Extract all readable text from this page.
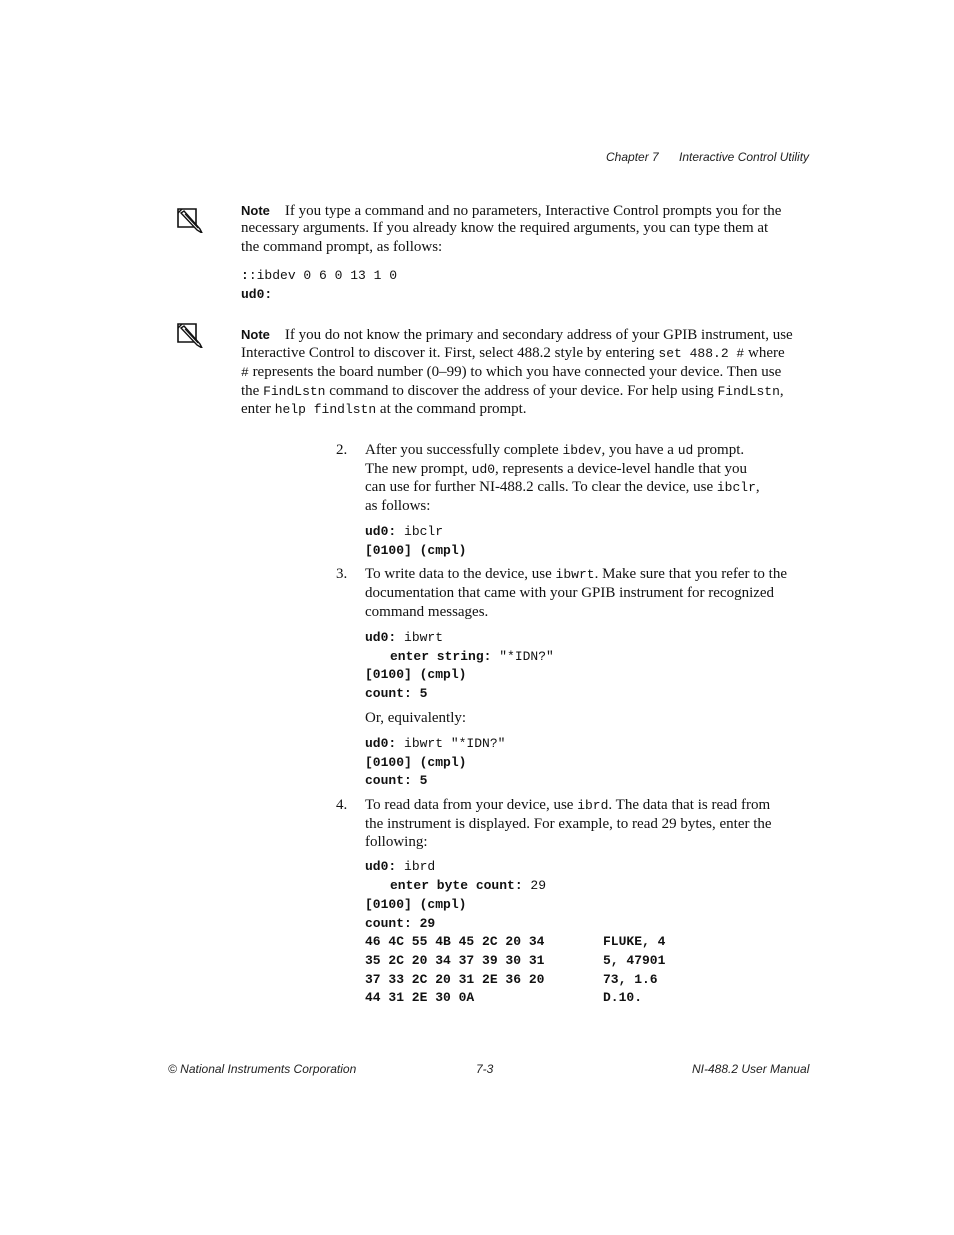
Chapter 7 Interactive Control Utility
Note If you type a command and no parameters, Interactive Control prompts you for the
necessary arguments. If you already know the required arguments, you can type them at
the command prompt, as follows:
::ibdev 0 6 0 13 1 0
ud0:
Note If you do not know the primary and secondary address of your GPIB instrument, use
Interactive Control to discover it. First, select 488.2 style by entering set 488.2 # where
# represents the board number (0–99) to which you have connected your device. Then use
the FindLstn command to discover the address of your device. For help using FindLstn,
enter help findlstn at the command prompt.
2. After you successfully complete ibdev, you have a ud prompt.
The new prompt, ud0, represents a device-level handle that you
can use for further NI-488.2 calls. To clear the device, use ibclr,
as follows:
ud0: ibclr
[0100] (cmpl)
3. To write data to the device, use ibwrt. Make sure that you refer to the
documentation that came with your GPIB instrument for recognized
command messages.
ud0: ibwrt
enter string: "*IDN?"
[0100] (cmpl)
count: 5
Or, equivalently:
ud0: ibwrt "*IDN?"
[0100] (cmpl)
count: 5
4. To read data from your device, use ibrd. The data that is read from
the instrument is displayed. For example, to read 29 bytes, enter the
following:
ud0: ibrd
enter byte count: 29
[0100] (cmpl)
count: 29
46 4C 55 4B 45 2C 20 34	FLUKE, 4
35 2C 20 34 37 39 30 31	5, 47901
37 33 2C 20 31 2E 36 20	73, 1.6
44 31 2E 30 0A	D.10.
© National Instruments Corporation	7-3	NI-488.2 User Manual
